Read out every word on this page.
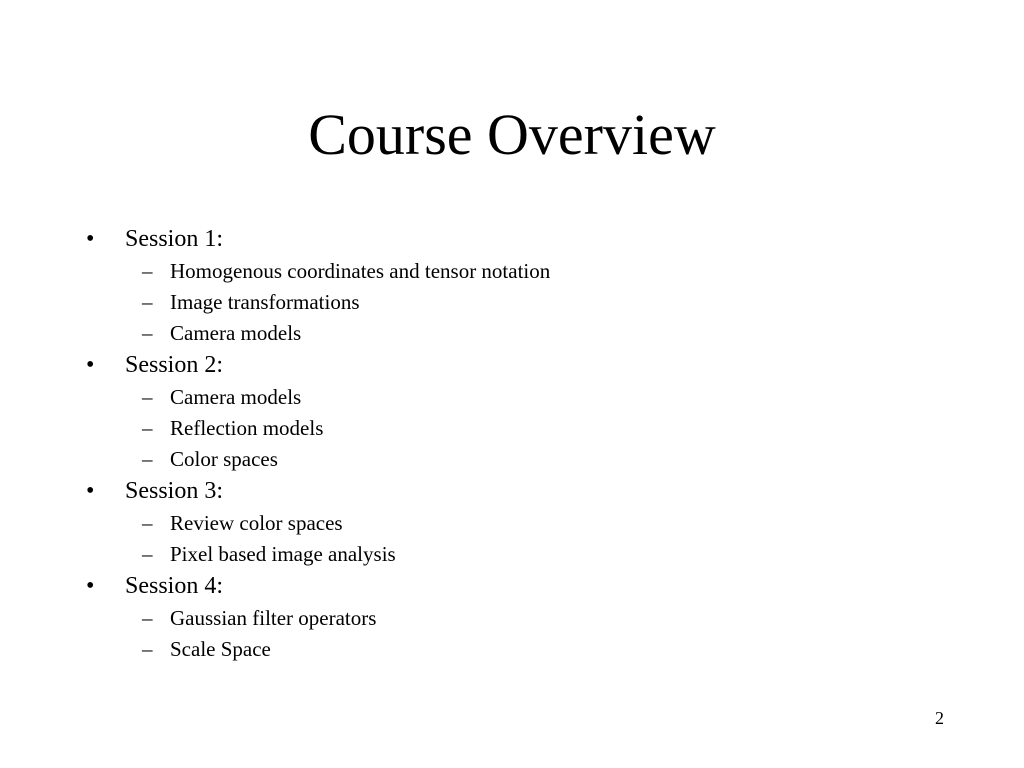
Course Overview
•	Session 1:
– Homogenous coordinates and tensor notation
– Image transformations
– Camera models
•	Session 2:
– Camera models
– Reflection models
– Color spaces
•	Session 3:
– Review color spaces
– Pixel based image analysis
•	Session 4:
– Gaussian filter operators
– Scale Space
2
